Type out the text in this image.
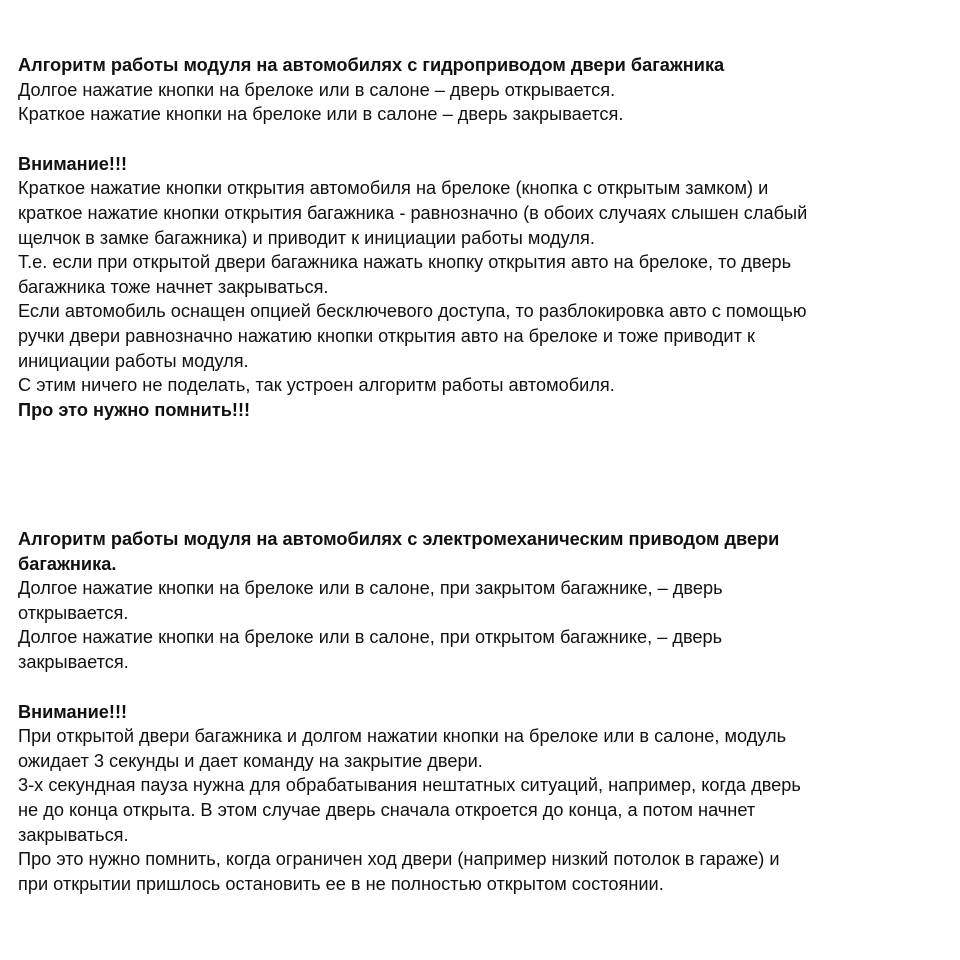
Алгоритм работы модуля на автомобилях с гидроприводом двери багажника

Долгое нажатие кнопки на брелоке или в салоне – дверь открывается.

Краткое нажатие кнопки на брелоке или в салоне – дверь закрывается.

Внимание!!!

Краткое нажатие кнопки открытия автомобиля на брелоке (кнопка с открытым замком) и

краткое нажатие кнопки открытия багажника - равнозначно (в обоих случаях слышен слабый

щелчок в замке багажника) и приводит к инициации работы модуля.

Т.е. если при открытой двери багажника нажать кнопку открытия авто на брелоке, то дверь

багажника тоже начнет закрываться.

Если автомобиль оснащен опцией бесключевого доступа, то разблокировка авто с помощью

ручки двери равнозначно нажатию кнопки открытия авто на брелоке и тоже приводит к

инициации работы модуля.

С этим ничего не поделать, так устроен алгоритм работы автомобиля.

Про это нужно помнить!!!

Алгоритм работы модуля на автомобилях с электромеханическим приводом двери

багажника.

Долгое нажатие кнопки на брелоке или в салоне, при закрытом багажнике, – дверь

открывается.

Долгое нажатие кнопки на брелоке или в салоне, при открытом багажнике, – дверь

закрывается.

Внимание!!!

При открытой двери багажника и долгом нажатии кнопки на брелоке или в салоне, модуль

ожидает 3 секунды и дает команду на закрытие двери.

3-х секундная пауза нужна для обрабатывания нештатных ситуаций, например, когда дверь

не до конца открыта. В этом случае дверь сначала откроется до конца, а потом начнет

закрываться.

Про это нужно помнить, когда ограничен ход двери (например низкий потолок в гараже) и

при открытии пришлось остановить ее в не полностью открытом состоянии.
